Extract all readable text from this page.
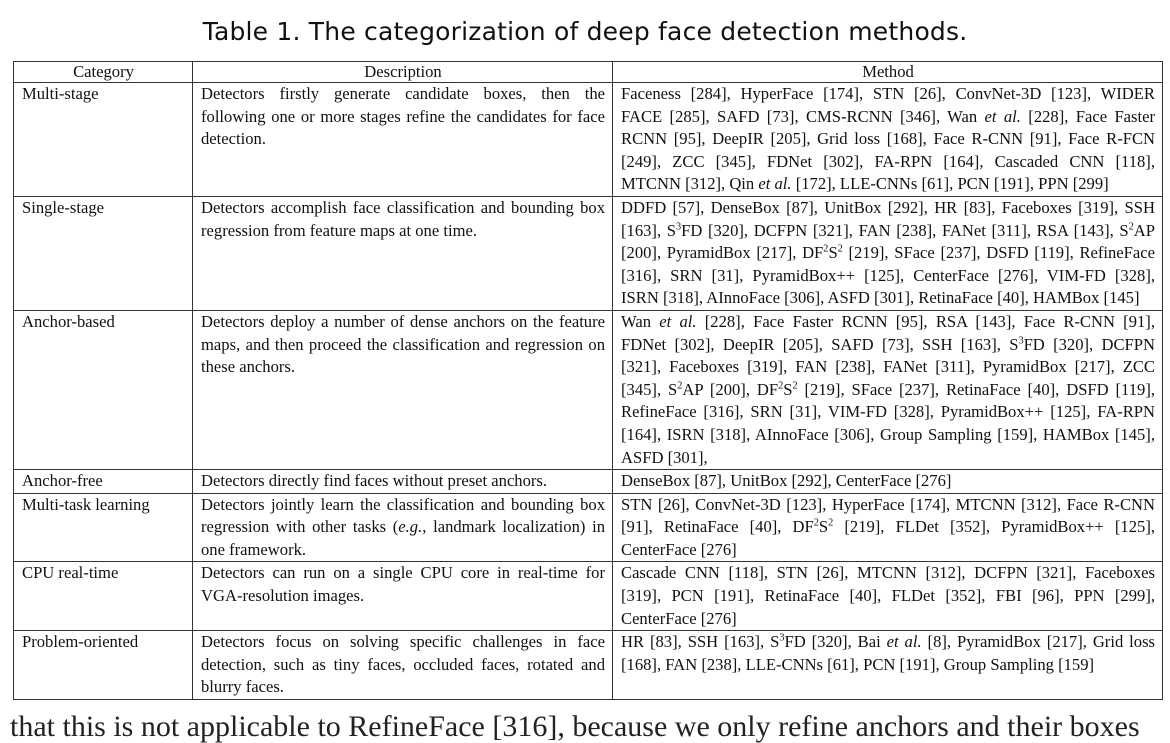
Table 1. The categorization of deep face detection methods.
Category	Description	Method
Multi-stage	Detectors firstly generate candidate boxes, then the following one or more stages refine the candidates for face detection.	Faceness [284], HyperFace [174], STN [26], ConvNet-3D [123], WIDER FACE [285], SAFD [73], CMS-RCNN [346], Wan et al. [228], Face Faster RCNN [95], DeepIR [205], Grid loss [168], Face R-CNN [91], Face R-FCN [249], ZCC [345], FDNet [302], FA-RPN [164], Cascaded CNN [118], MTCNN [312], Qin et al. [172], LLE-CNNs [61], PCN [191], PPN [299]
Single-stage	Detectors accomplish face classification and bounding box regression from feature maps at one time.	DDFD [57], DenseBox [87], UnitBox [292], HR [83], Faceboxes [319], SSH [163], $S^3FD$ [320], DCFPN [321], FAN [238], FANet [311], RSA [143], $S^2AP$ [200], PyramidBox [217], $DF^2S^2$ [219], SFace [237], DSFD [119], RefineFace [316], SRN [31], PyramidBox++ [125], CenterFace [276], VIM-FD [328], ISRN [318], AInnoFace [306], ASFD [301], RetinaFace [40], HAMBox [145]
Anchor-based	Detectors deploy a number of dense anchors on the feature maps, and then proceed the classification and regression on these anchors.	Wan et al. [228], Face Faster RCNN [95], RSA [143], Face R-CNN [91], FDNet [302], DeepIR [205], SAFD [73], SSH [163], $S^3FD$ [320], DCFPN [321], Faceboxes [319], FAN [238], FANet [311], PyramidBox [217], ZCC [345], $S^2AP$ [200], $DF^2S^2$ [219], SFace [237], RetinaFace [40], DSFD [119], RefineFace [316], SRN [31], VIM-FD [328], PyramidBox++ [125], FA-RPN [164], ISRN [318], AInnoFace [306], Group Sampling [159], HAMBox [145], ASFD [301],
Anchor-free	Detectors directly find faces without preset anchors.	DenseBox [87], UnitBox [292], CenterFace [276]
Multi-task learning	Detectors jointly learn the classification and bounding box regression with other tasks (e.g., landmark localization) in one framework.	STN [26], ConvNet-3D [123], HyperFace [174], MTCNN [312], Face R-CNN [91], RetinaFace [40], $DF^2S^2$ [219], FLDet [352], PyramidBox++ [125], CenterFace [276]
CPU real-time	Detectors can run on a single CPU core in real-time for VGA-resolution images.	Cascade CNN [118], STN [26], MTCNN [312], DCFPN [321], Faceboxes [319], PCN [191], RetinaFace [40], FLDet [352], FBI [96], PPN [299], CenterFace [276]
Problem-oriented	Detectors focus on solving specific challenges in face detection, such as tiny faces, occluded faces, rotated and blurry faces.	HR [83], SSH [163], $S^3FD$ [320], Bai et al. [8], PyramidBox [217], Grid loss [168], FAN [238], LLE-CNNs [61], PCN [191], Group Sampling [159]
that this is not applicable to RefineFace [316], because we only refine anchors and their boxes
